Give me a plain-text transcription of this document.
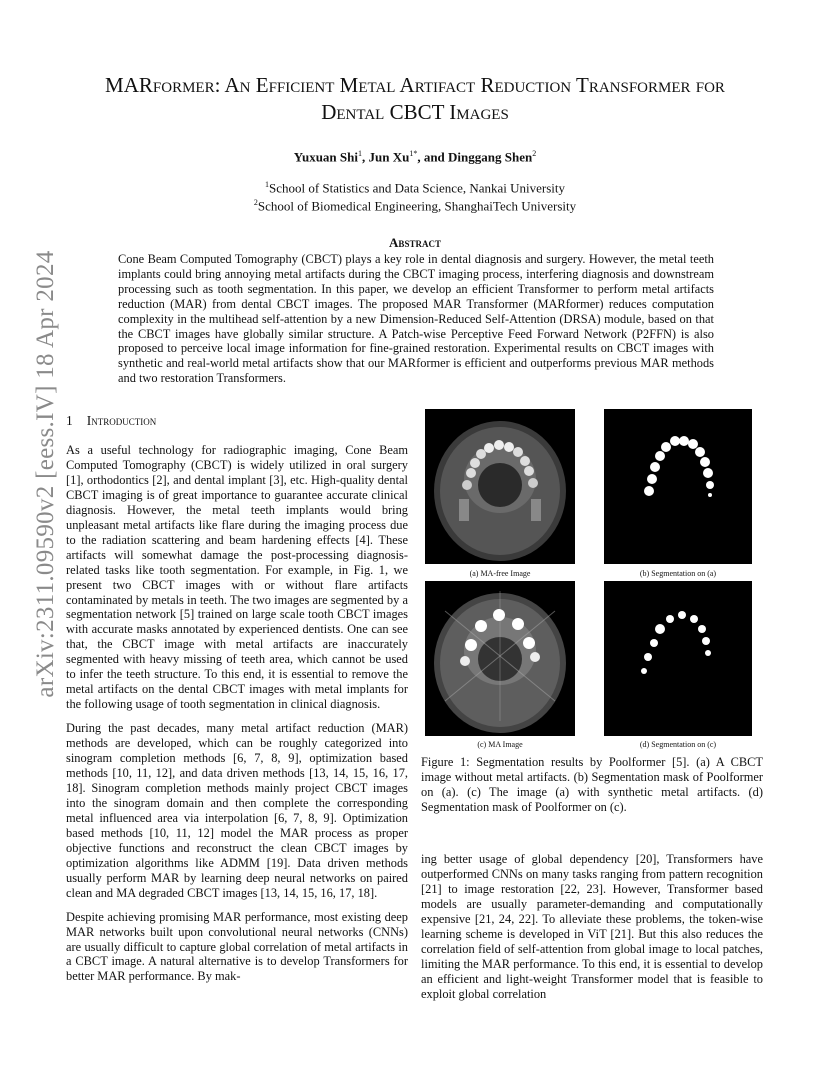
arXiv:2311.09590v2 [eess.IV] 18 Apr 2024
MARformer: An Efficient Metal Artifact Reduction Transformer for
Dental CBCT Images
Yuxuan Shi$^1$, Jun $Xu^{1*}$, and Dinggang Shen$^2$
$^1$School of Statistics and Data Science, Nankai University
$^2$School of Biomedical Engineering, ShanghaiTech University
Abstract
Cone Beam Computed Tomography (CBCT) plays a key role in dental diagnosis and surgery. However, the metal teeth implants could bring annoying metal artifacts during the CBCT imaging process, interfering diagnosis and downstream processing such as tooth segmentation. In this paper, we develop an efficient Transformer to perform metal artifacts reduction (MAR) from dental CBCT images. The proposed MAR Transformer (MARformer) reduces computation complexity in the multihead self-attention by a new Dimension-Reduced Self-Attention (DRSA) module, based on that the CBCT images have globally similar structure. A Patch-wise Perceptive Feed Forward Network (P2FFN) is also proposed to perceive local image information for fine-grained restoration. Experimental results on CBCT images with synthetic and real-world metal artifacts show that our MARformer is efficient and outperforms previous MAR methods and two restoration Transformers.
1 Introduction

As a useful technology for radiographic imaging, Cone Beam Computed Tomography (CBCT) is widely utilized in oral surgery [1], orthodontics [2], and dental implant [3], etc. High-quality dental CBCT imaging is of great importance to guarantee accurate clinical diagnosis. However, the metal teeth implants would bring unpleasant metal artifacts like flare during the imaging process due to the radiation scattering and beam hardening effects [4]. These artifacts will somewhat damage the post-processing diagnosis-related tasks like tooth segmentation. For example, in Fig. 1, we present two CBCT images with or without flare artifacts contaminated by metals in teeth. The two images are segmented by a segmentation network [5] trained on large scale tooth CBCT images with accurate masks annotated by experienced dentists. One can see that, the CBCT image with metal artifacts are inaccurately segmented with heavy missing of teeth area, which cannot be used to infer the teeth structure. To this end, it is essential to remove the metal artifacts on the dental CBCT images with metal implants for the following usage of tooth segmentation in clinical diagnosis.

During the past decades, many metal artifact reduction (MAR) methods are developed, which can be roughly categorized into sinogram completion methods [6, 7, 8, 9], optimization based methods [10, 11, 12], and data driven methods [13, 14, 15, 16, 17, 18]. Sinogram completion methods mainly project CBCT images into the sinogram domain and then complete the corresponding metal influenced area via interpolation [6, 7, 8, 9]. Optimization based methods [10, 11, 12] model the MAR process as proper objective functions and reconstruct the clean CBCT images by optimization algorithms like ADMM [19]. Data driven methods usually perform MAR by learning deep neural networks on paired clean and MA degraded CBCT images [13, 14, 15, 16, 17, 18].

Despite achieving promising MAR performance, most existing deep MAR networks built upon convolutional neural networks (CNNs) are usually difficult to capture global correlation of metal artifacts in a CBCT image. A natural alternative is to develop Transformers for better MAR performance. By mak-

(a) MA-free Image	(b) Segmentation on (a)
(c) MA Image	(d) Segmentation on (c)
Figure 1: Segmentation results by Poolformer [5]. (a) A CBCT image without metal artifacts. (b) Segmentation mask of Poolformer on (a). (c) The image (a) with synthetic metal artifacts. (d) Segmentation mask of Poolformer on (c).

ing better usage of global dependency [20], Transformers have outperformed CNNs on many tasks ranging from pattern recognition [21] to image restoration [22, 23]. However, Transformer based models are usually parameter-demanding and computationally expensive [21, 24, 22]. To alleviate these problems, the token-wise learning scheme is developed in ViT [21]. But this also reduces the correlation field of self-attention from global image to local patches, limiting the MAR performance. To this end, it is essential to develop an efficient and light-weight Transformer model that is feasible to exploit global correlation
